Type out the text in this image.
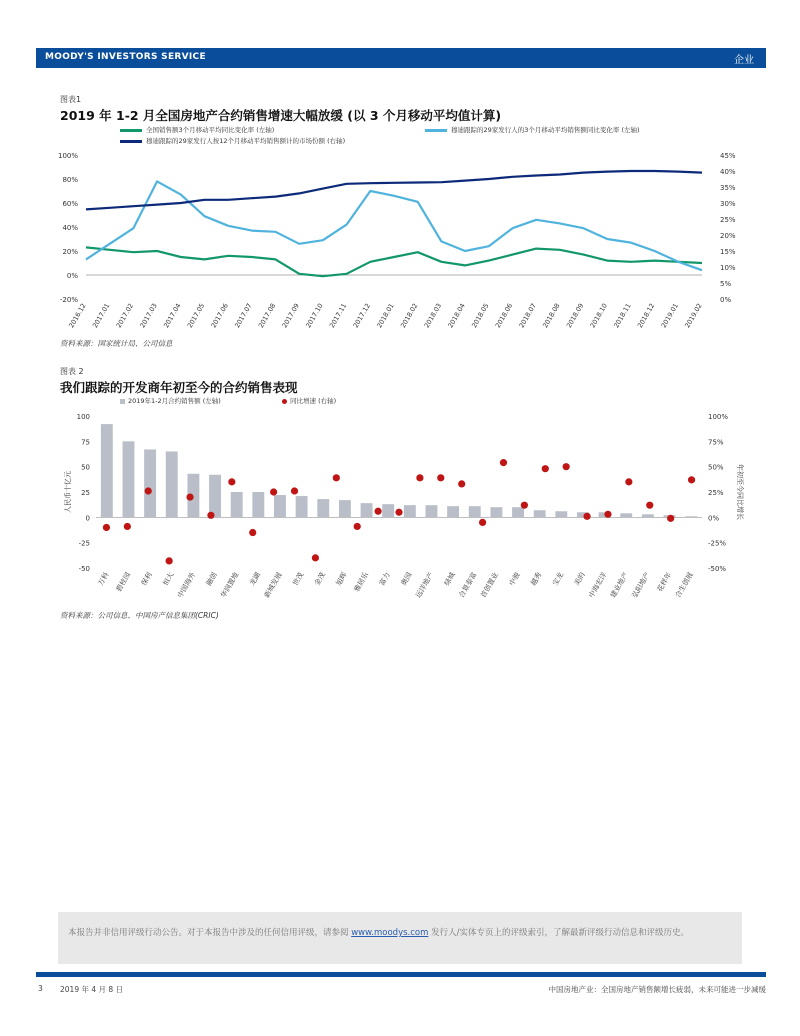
MOODY'S INVESTORS SERVICE	企业
图表1
2019 年 1-2 月全国房地产合约销售增速大幅放缓 (以 3 个月移动平均值计算)
全国销售额3个月移动平均同比变化率 (左轴)	穆迪跟踪的29家发行人的3个月移动平均销售额同比变化率 (左轴)
穆迪跟踪的29家发行人按12个月移动平均销售额计的市场份额 (右轴)
-20%
0%
20%
40%
60%
80%
100%
0%
5%
10%
15%
20%
25%
30%
35%
40%
45%
2016.12 2017.01 2017.02 2017.03 2017.04 2017.05 2017.06 2017.07 2017.08 2017.09 2017.10 2017.11 2017.12 2018.01 2018.02 2018.03 2018.04 2018.05 2018.06 2018.07 2018.08 2018.09 2018.10 2018.11 2018.12 2019.01 2019.02
资料来源：国家统计局、公司信息
图表 2
我们跟踪的开发商年初至今的合约销售表现
2019年1-2月合约销售额 (左轴)	同比增速 (右轴)
-50	-50%
-25	-25%
0	0%
25	25%
50	50%
75	75%
100	100%
人民币十亿元	年初至今同比增长
万科 碧桂园 保利 恒大 中国海外 融创 华润置地 龙湖 新城发展 世茂 金茂 旭辉 雅居乐 富力 奥园 远洋地产 绿城 合景泰富 首创置业 中骏 越秀 宝龙 美的 中海宏洋 建业地产 弘阳地产 花样年 合生创展
资料来源：公司信息、中国房产信息集团(CRIC)
本报告并非信用评级行动公告。对于本报告中涉及的任何信用评级，请参阅 www.moodys.com 发行人/实体专页上的评级索引，了解最新评级行动信息和评级历史。
3 2019 年 4 月 8 日	中国房地产业：全国房地产销售额增长疲弱，未来可能进一步减缓
